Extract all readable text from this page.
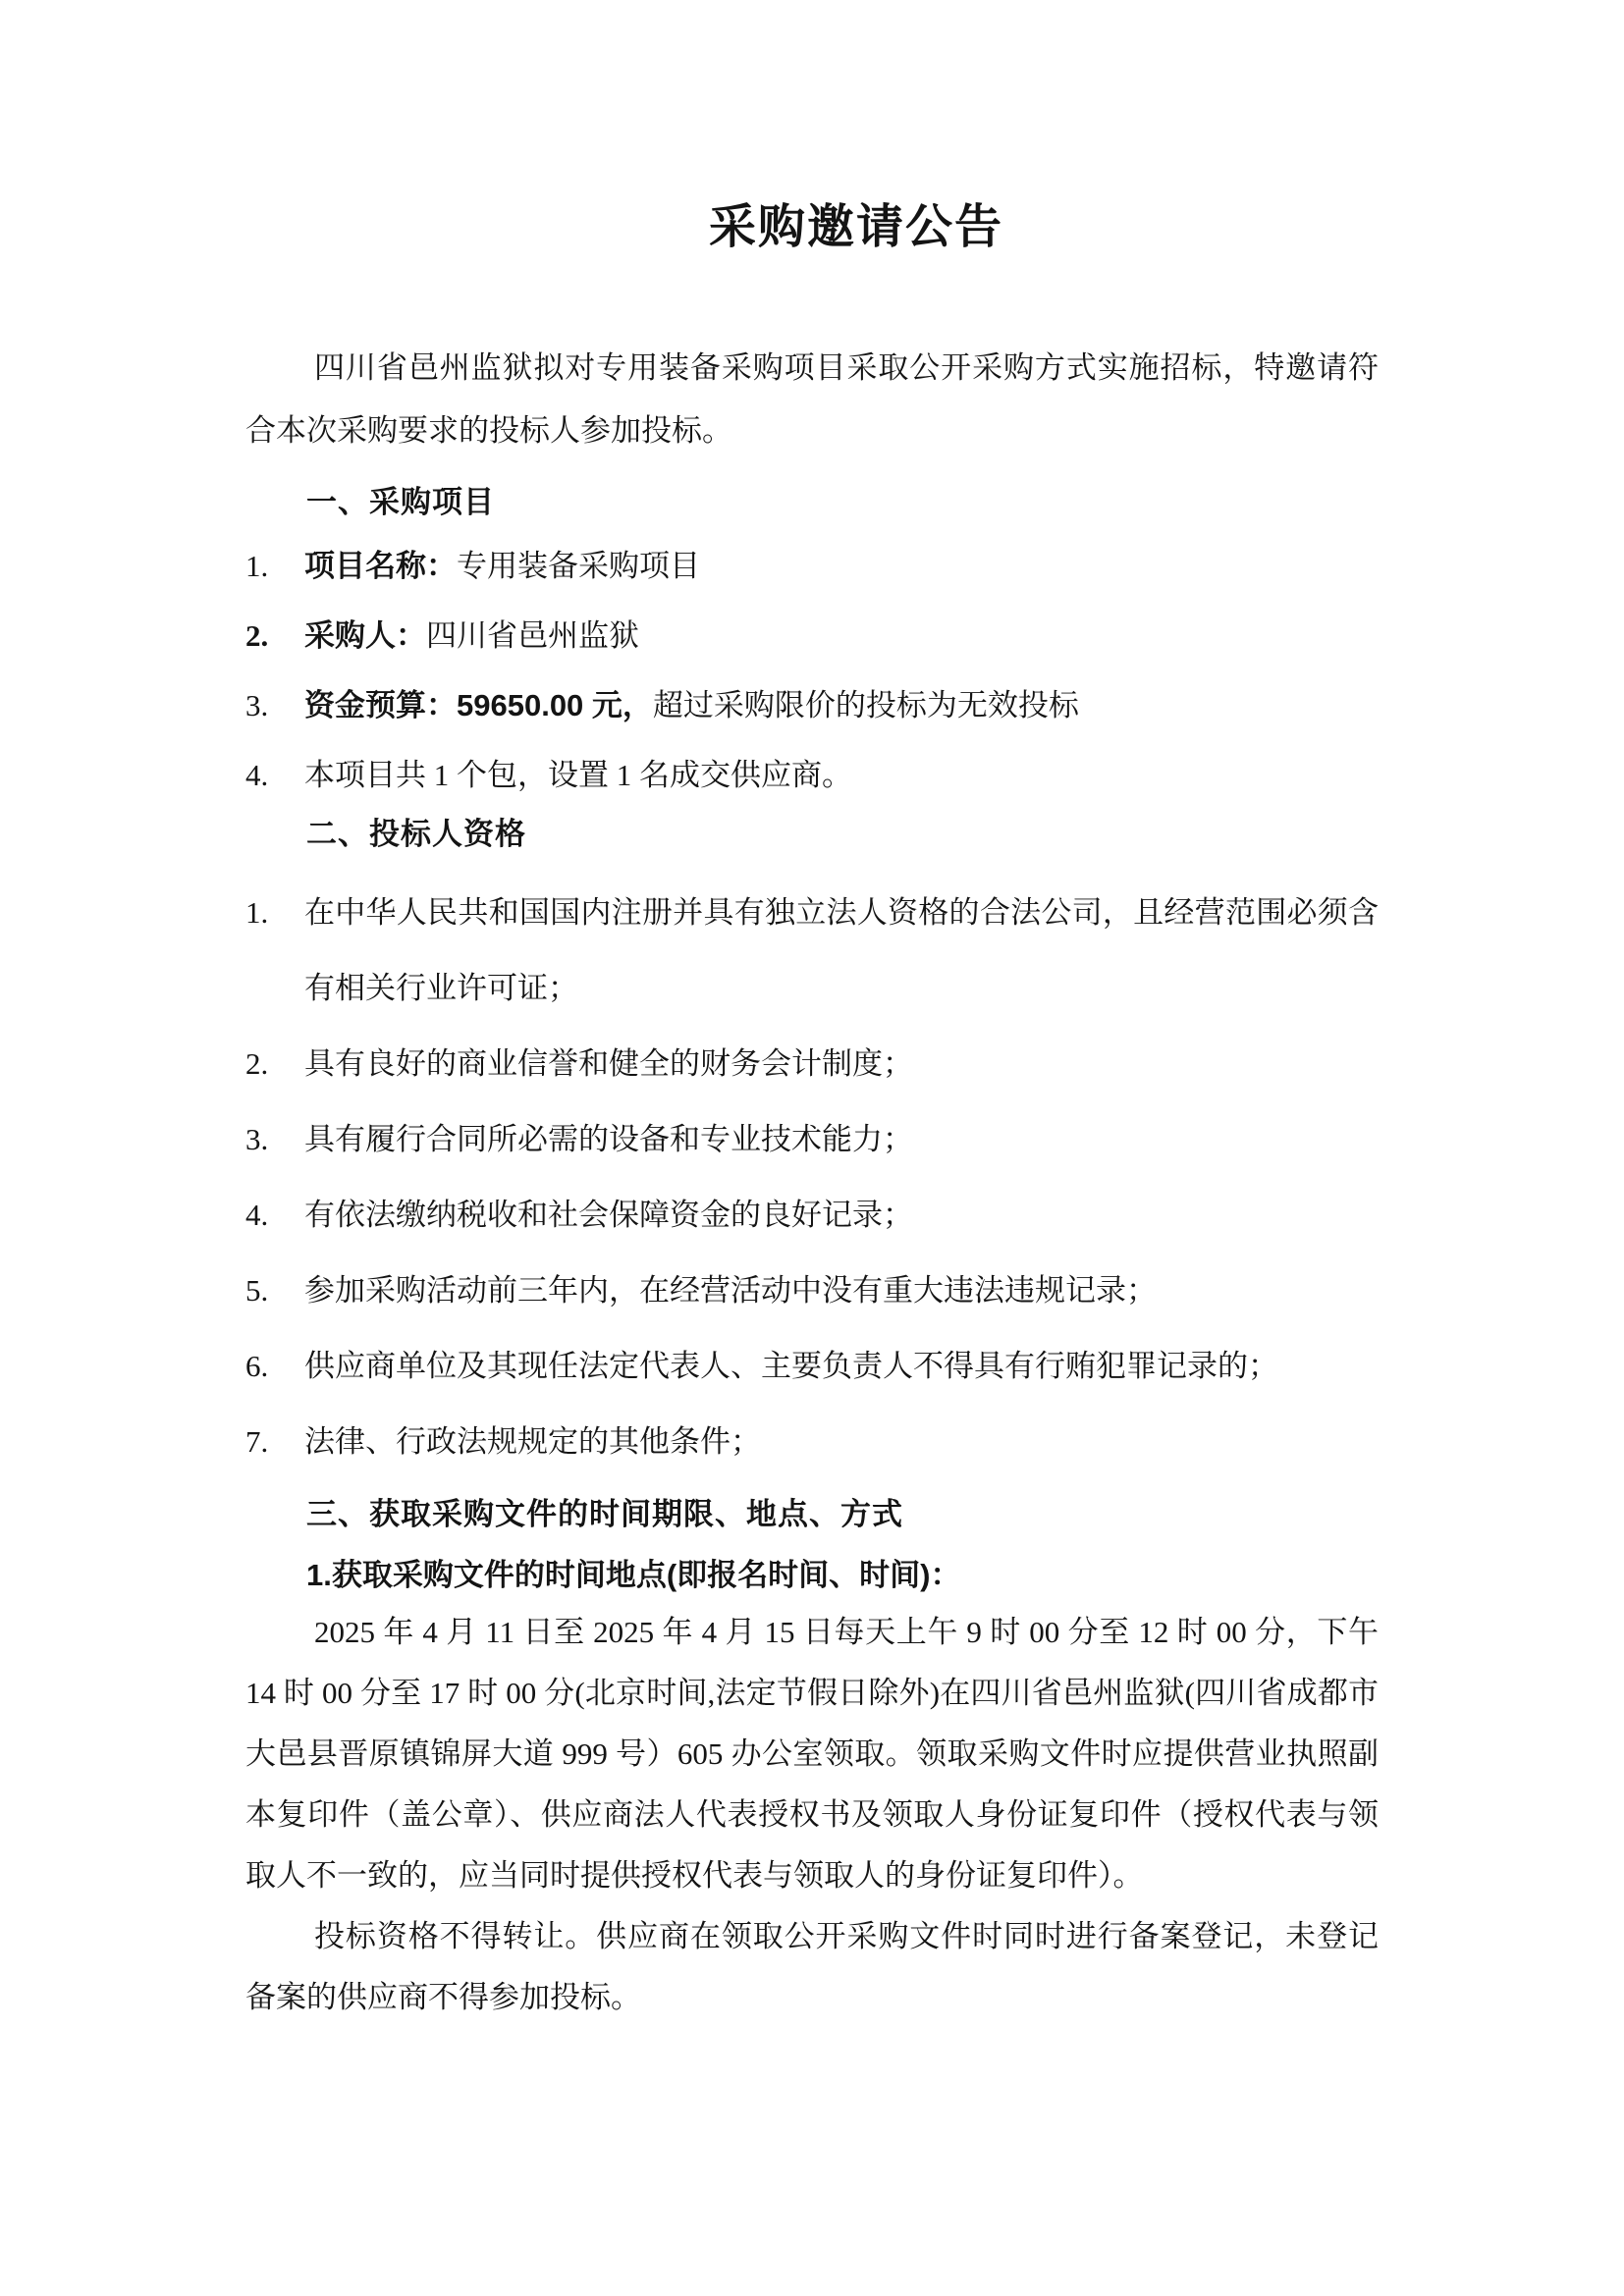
采购邀请公告
四川省邑州监狱拟对专用装备采购项目采取公开采购方式实施招标，特邀请符合本次采购要求的投标人参加投标。
一、采购项目
1.	项目名称：专用装备采购项目
2.	采购人：四川省邑州监狱
3.	资金预算：59650.00 元，超过采购限价的投标为无效投标
4.	本项目共 1 个包，设置 1 名成交供应商。
二、投标人资格
1.	在中华人民共和国国内注册并具有独立法人资格的合法公司，且经营范围必须含有相关行业许可证；
2.	具有良好的商业信誉和健全的财务会计制度；
3.	具有履行合同所必需的设备和专业技术能力；
4.	有依法缴纳税收和社会保障资金的良好记录；
5.	参加采购活动前三年内，在经营活动中没有重大违法违规记录；
6.	供应商单位及其现任法定代表人、主要负责人不得具有行贿犯罪记录的；
7.	法律、行政法规规定的其他条件；
三、获取采购文件的时间期限、地点、方式
1.获取采购文件的时间地点(即报名时间、时间)：
2025 年 4 月 11 日至 2025 年 4 月 15 日每天上午 9 时 00 分至 12 时 00 分，下午 14 时 00 分至 17 时 00 分(北京时间,法定节假日除外)在四川省邑州监狱(四川省成都市大邑县晋原镇锦屏大道 999 号）605 办公室领取。领取采购文件时应提供营业执照副本复印件（盖公章）、供应商法人代表授权书及领取人身份证复印件（授权代表与领取人不一致的，应当同时提供授权代表与领取人的身份证复印件）。
投标资格不得转让。供应商在领取公开采购文件时同时进行备案登记，未登记备案的供应商不得参加投标。
